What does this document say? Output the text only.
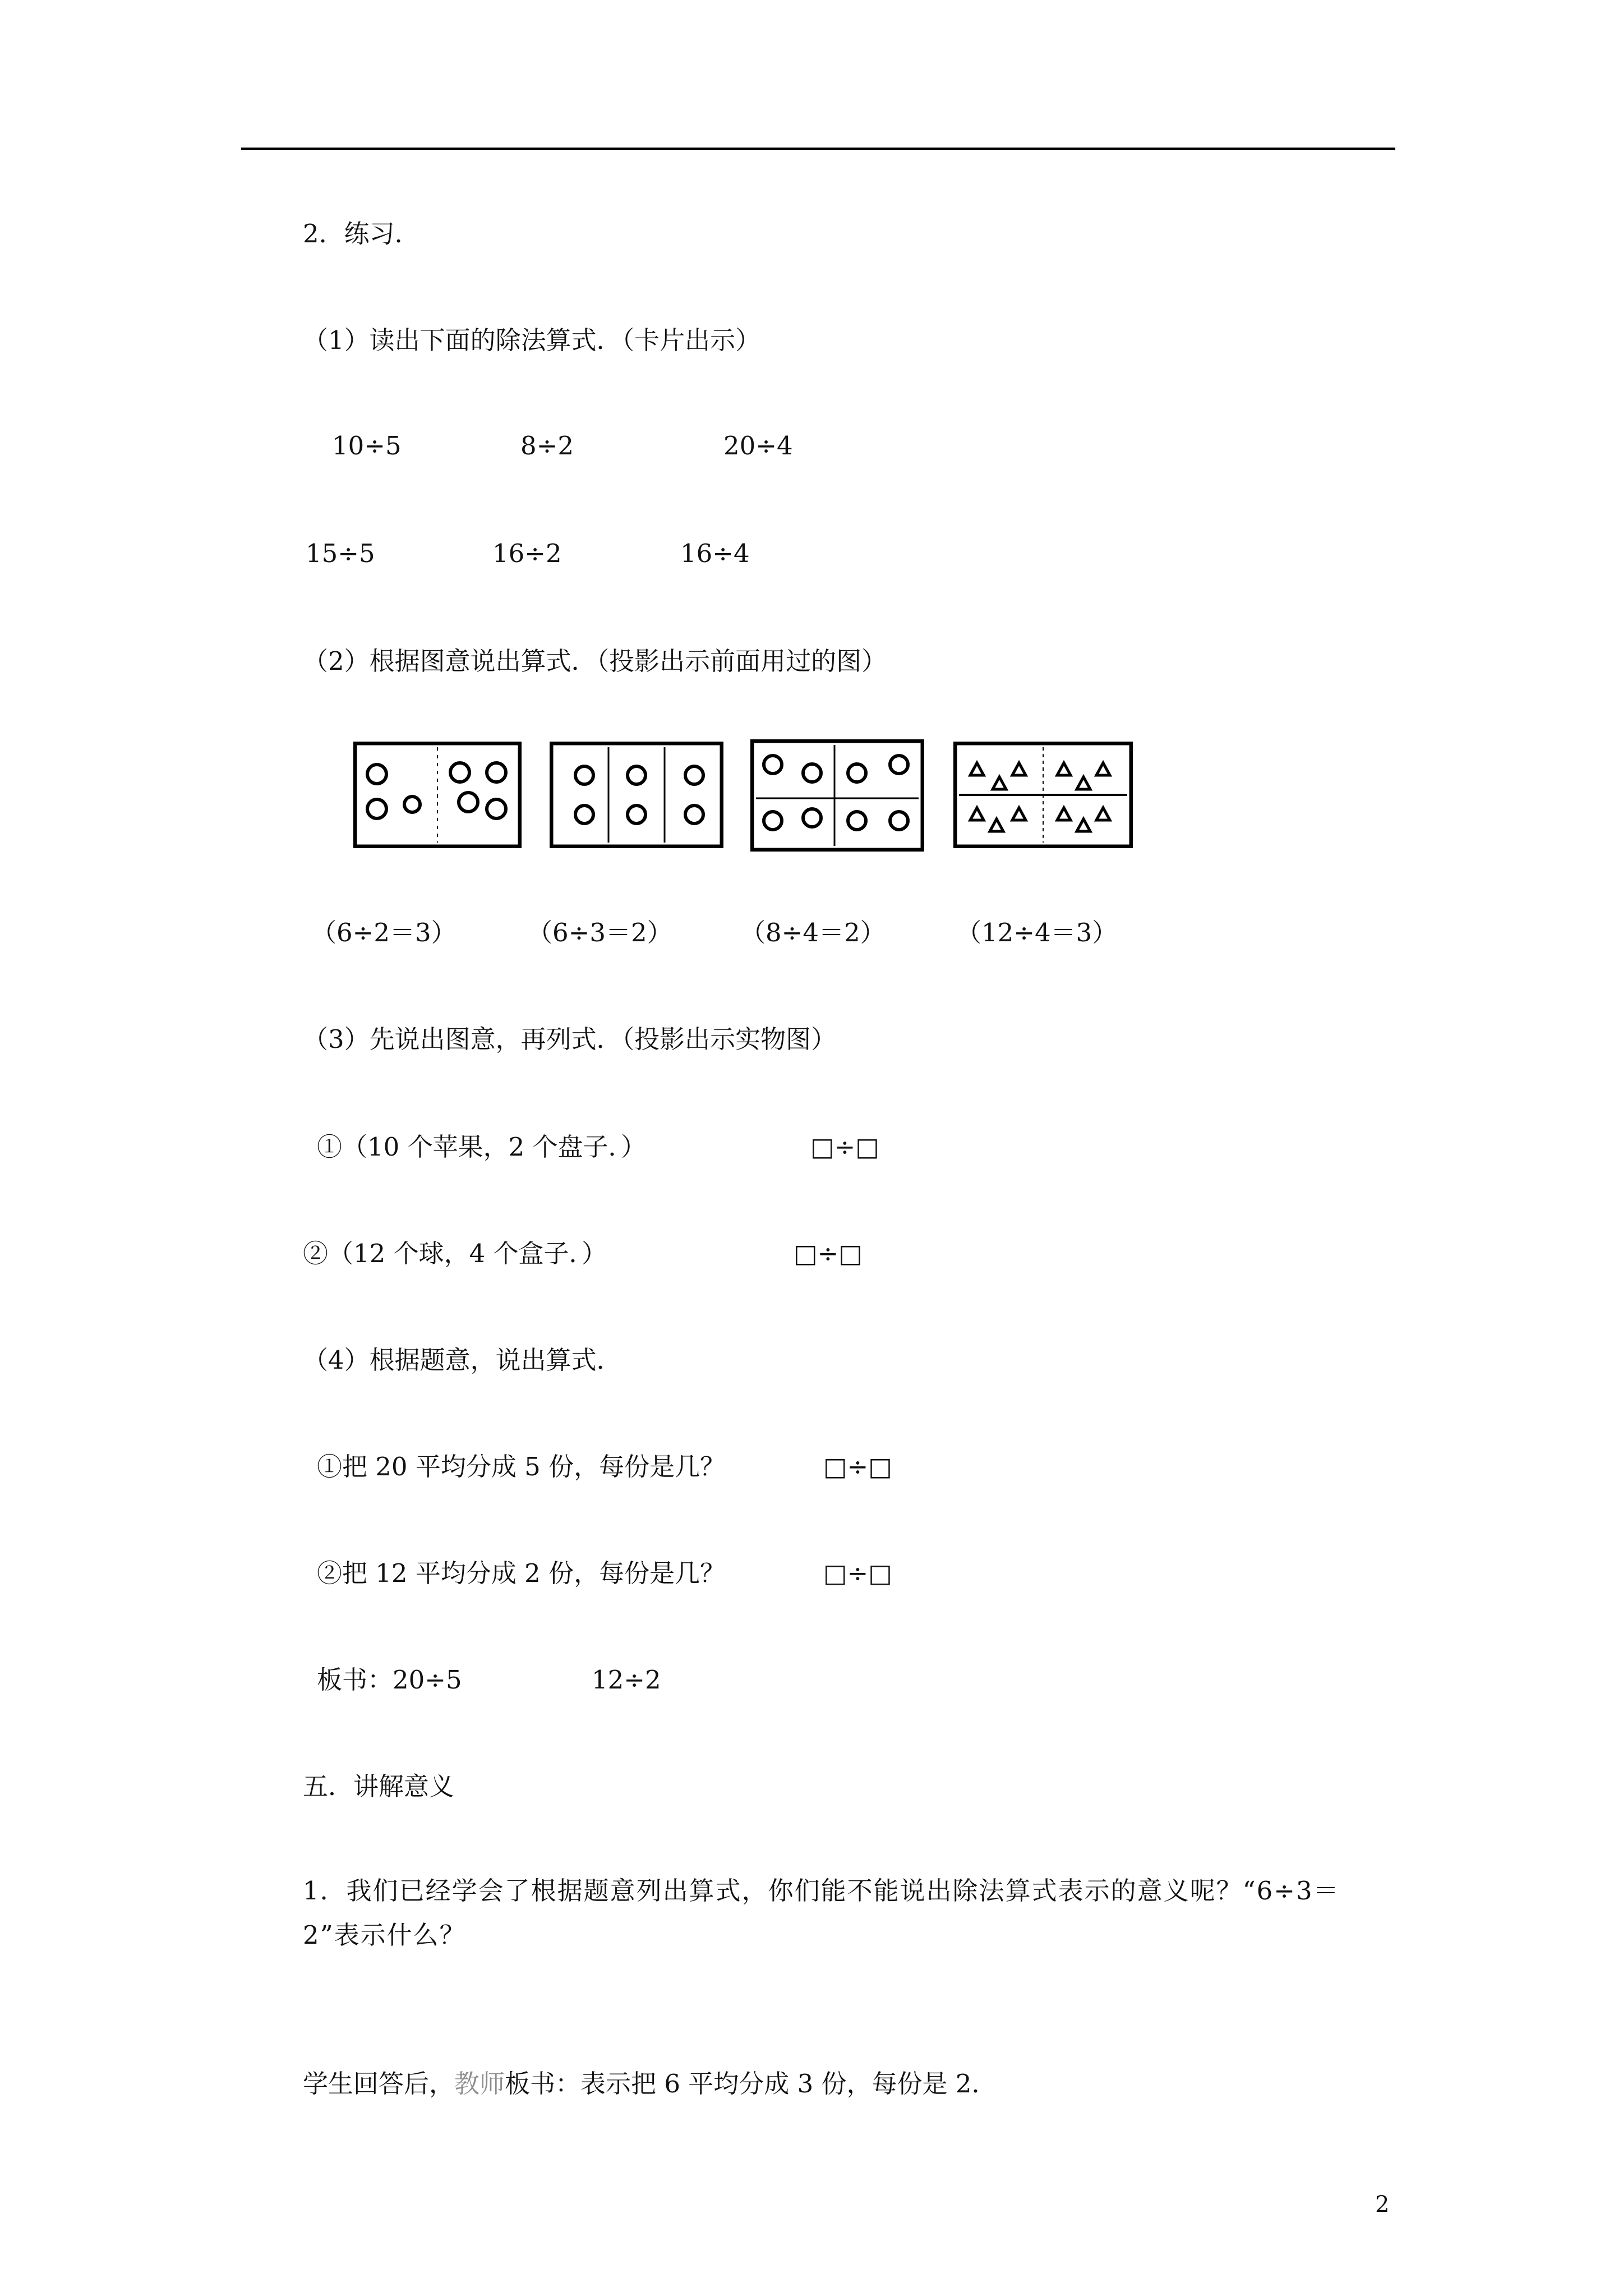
2．练习．
（1）读出下面的除法算式．（卡片出示）
10÷5	8÷2	20÷4
15÷5	16÷2	16÷4
（2）根据图意说出算式．（投影出示前面用过的图）
（6÷2＝3）	（6÷3＝2）	（8÷4＝2）	（12÷4＝3）
（3）先说出图意，再列式．（投影出示实物图）
①（10 个苹果，2 个盘子．）	□÷□
②（12 个球，4 个盒子．）	□÷□
（4）根据题意，说出算式．
①把 20 平均分成 5 份，每份是几？	□÷□
②把 12 平均分成 2 份，每份是几？	□÷□
板书：20÷5	12÷2
五．讲解意义
1．我们已经学会了根据题意列出算式，你们能不能说出除法算式表示的意义呢？“6÷3＝2”表示什么？
学生回答后，教师板书：表示把 6 平均分成 3 份，每份是 2．
2
